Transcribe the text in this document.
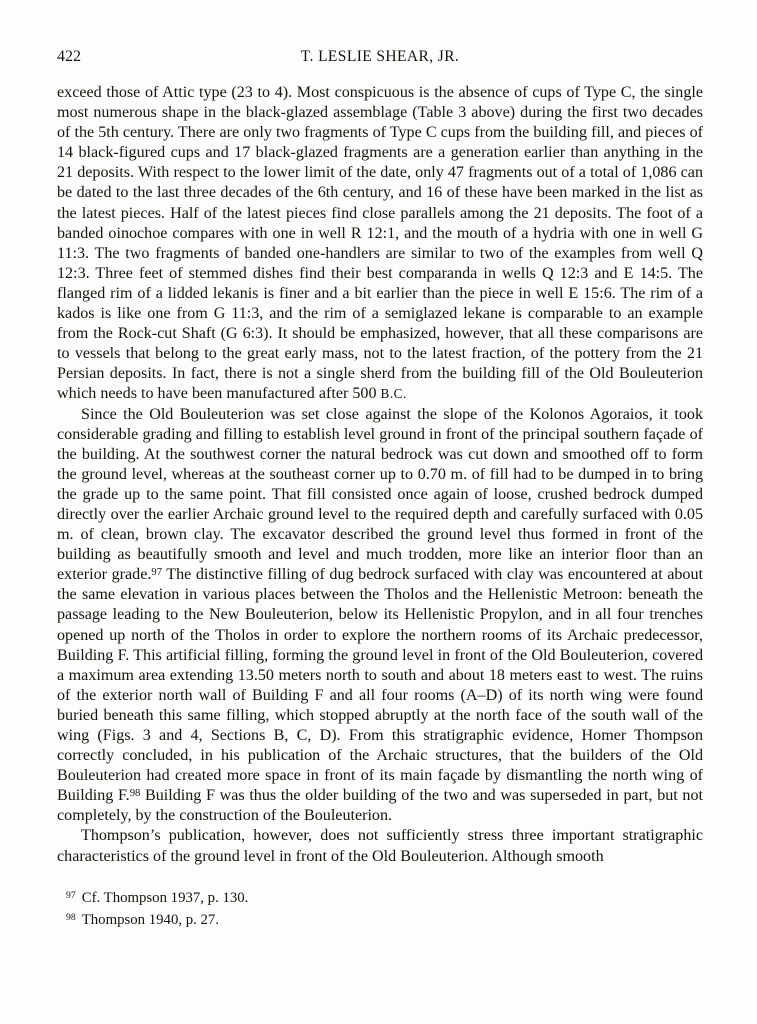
422	T. LESLIE SHEAR, JR.

exceed those of Attic type (23 to 4). Most conspicuous is the absence of cups of Type C, the single most numerous shape in the black-glazed assemblage (Table 3 above) during the first two decades of the 5th century. There are only two fragments of Type C cups from the building fill, and pieces of 14 black-figured cups and 17 black-glazed fragments are a generation earlier than anything in the 21 deposits. With respect to the lower limit of the date, only 47 fragments out of a total of 1,086 can be dated to the last three decades of the 6th century, and 16 of these have been marked in the list as the latest pieces. Half of the latest pieces find close parallels among the 21 deposits. The foot of a banded oinochoe compares with one in well R 12:1, and the mouth of a hydria with one in well G 11:3. The two fragments of banded one-handlers are similar to two of the examples from well Q 12:3. Three feet of stemmed dishes find their best comparanda in wells Q 12:3 and E 14:5. The flanged rim of a lidded lekanis is finer and a bit earlier than the piece in well E 15:6. The rim of a kados is like one from G 11:3, and the rim of a semiglazed lekane is comparable to an example from the Rock-cut Shaft (G 6:3). It should be emphasized, however, that all these comparisons are to vessels that belong to the great early mass, not to the latest fraction, of the pottery from the 21 Persian deposits. In fact, there is not a single sherd from the building fill of the Old Bouleuterion which needs to have been manufactured after 500 B.C.

Since the Old Bouleuterion was set close against the slope of the Kolonos Agoraios, it took considerable grading and filling to establish level ground in front of the principal southern façade of the building. At the southwest corner the natural bedrock was cut down and smoothed off to form the ground level, whereas at the southeast corner up to 0.70 m. of fill had to be dumped in to bring the grade up to the same point. That fill consisted once again of loose, crushed bedrock dumped directly over the earlier Archaic ground level to the required depth and carefully surfaced with 0.05 m. of clean, brown clay. The excavator described the ground level thus formed in front of the building as beautifully smooth and level and much trodden, more like an interior floor than an exterior grade.$^{97}$ The distinctive filling of dug bedrock surfaced with clay was encountered at about the same elevation in various places between the Tholos and the Hellenistic Metroon: beneath the passage leading to the New Bouleuterion, below its Hellenistic Propylon, and in all four trenches opened up north of the Tholos in order to explore the northern rooms of its Archaic predecessor, Building F. This artificial filling, forming the ground level in front of the Old Bouleuterion, covered a maximum area extending 13.50 meters north to south and about 18 meters east to west. The ruins of the exterior north wall of Building F and all four rooms (A–D) of its north wing were found buried beneath this same filling, which stopped abruptly at the north face of the south wall of the wing (Figs. 3 and 4, Sections B, C, D). From this stratigraphic evidence, Homer Thompson correctly concluded, in his publication of the Archaic structures, that the builders of the Old Bouleuterion had created more space in front of its main façade by dismantling the north wing of Building F.$^{98}$ Building F was thus the older building of the two and was superseded in part, but not completely, by the construction of the Bouleuterion.

Thompson’s publication, however, does not sufficiently stress three important stratigraphic characteristics of the ground level in front of the Old Bouleuterion. Although smooth

$^{97}$ Cf. Thompson 1937, p. 130.
$^{98}$ Thompson 1940, p. 27.
